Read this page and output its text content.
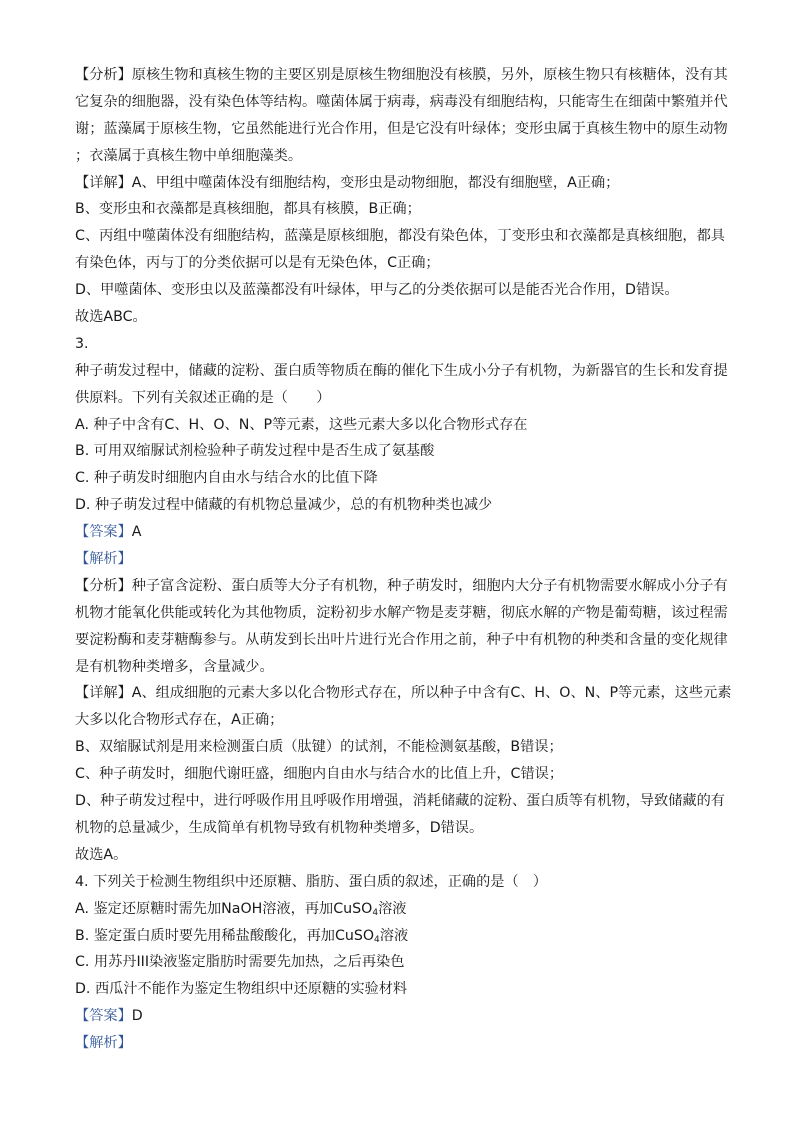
【分析】原核生物和真核生物的主要区别是原核生物细胞没有核膜，另外，原核生物只有核糖体，没有其
它复杂的细胞器，没有染色体等结构。噬菌体属于病毒，病毒没有细胞结构，只能寄生在细菌中繁殖并代
谢；蓝藻属于原核生物，它虽然能进行光合作用，但是它没有叶绿体；变形虫属于真核生物中的原生动物
；衣藻属于真核生物中单细胞藻类。
【详解】A、甲组中噬菌体没有细胞结构，变形虫是动物细胞，都没有细胞壁，A正确；
B、变形虫和衣藻都是真核细胞，都具有核膜，B正确；
C、丙组中噬菌体没有细胞结构，蓝藻是原核细胞，都没有染色体，丁变形虫和衣藻都是真核细胞，都具
有染色体，丙与丁的分类依据可以是有无染色体，C正确；
D、甲噬菌体、变形虫以及蓝藻都没有叶绿体，甲与乙的分类依据可以是能否光合作用，D错误。
故选ABC。
3.
种子萌发过程中，储藏的淀粉、蛋白质等物质在酶的催化下生成小分子有机物，为新器官的生长和发育提
供原料。下列有关叙述正确的是（　　）
A. 种子中含有C、H、O、N、P等元素，这些元素大多以化合物形式存在
B. 可用双缩脲试剂检验种子萌发过程中是否生成了氨基酸
C. 种子萌发时细胞内自由水与结合水的比值下降
D. 种子萌发过程中储藏的有机物总量减少，总的有机物种类也减少
【答案】A
【解析】
【分析】种子富含淀粉、蛋白质等大分子有机物，种子萌发时，细胞内大分子有机物需要水解成小分子有
机物才能氧化供能或转化为其他物质，淀粉初步水解产物是麦芽糖，彻底水解的产物是葡萄糖，该过程需
要淀粉酶和麦芽糖酶参与。从萌发到长出叶片进行光合作用之前，种子中有机物的种类和含量的变化规律
是有机物种类增多，含量减少。
【详解】A、组成细胞的元素大多以化合物形式存在，所以种子中含有C、H、O、N、P等元素，这些元素
大多以化合物形式存在，A正确；
B、双缩脲试剂是用来检测蛋白质（肽键）的试剂，不能检测氨基酸，B错误；
C、种子萌发时，细胞代谢旺盛，细胞内自由水与结合水的比值上升，C错误；
D、种子萌发过程中，进行呼吸作用且呼吸作用增强，消耗储藏的淀粉、蛋白质等有机物，导致储藏的有
机物的总量减少，生成简单有机物导致有机物种类增多，D错误。
故选A。
4. 下列关于检测生物组织中还原糖、脂肪、蛋白质的叙述，正确的是（　）
A. 鉴定还原糖时需先加NaOH溶液，再加CuSO4溶液
B. 鉴定蛋白质时要先用稀盐酸酸化，再加CuSO4溶液
C. 用苏丹III染液鉴定脂肪时需要先加热，之后再染色
D. 西瓜汁不能作为鉴定生物组织中还原糖的实验材料
【答案】D
【解析】
